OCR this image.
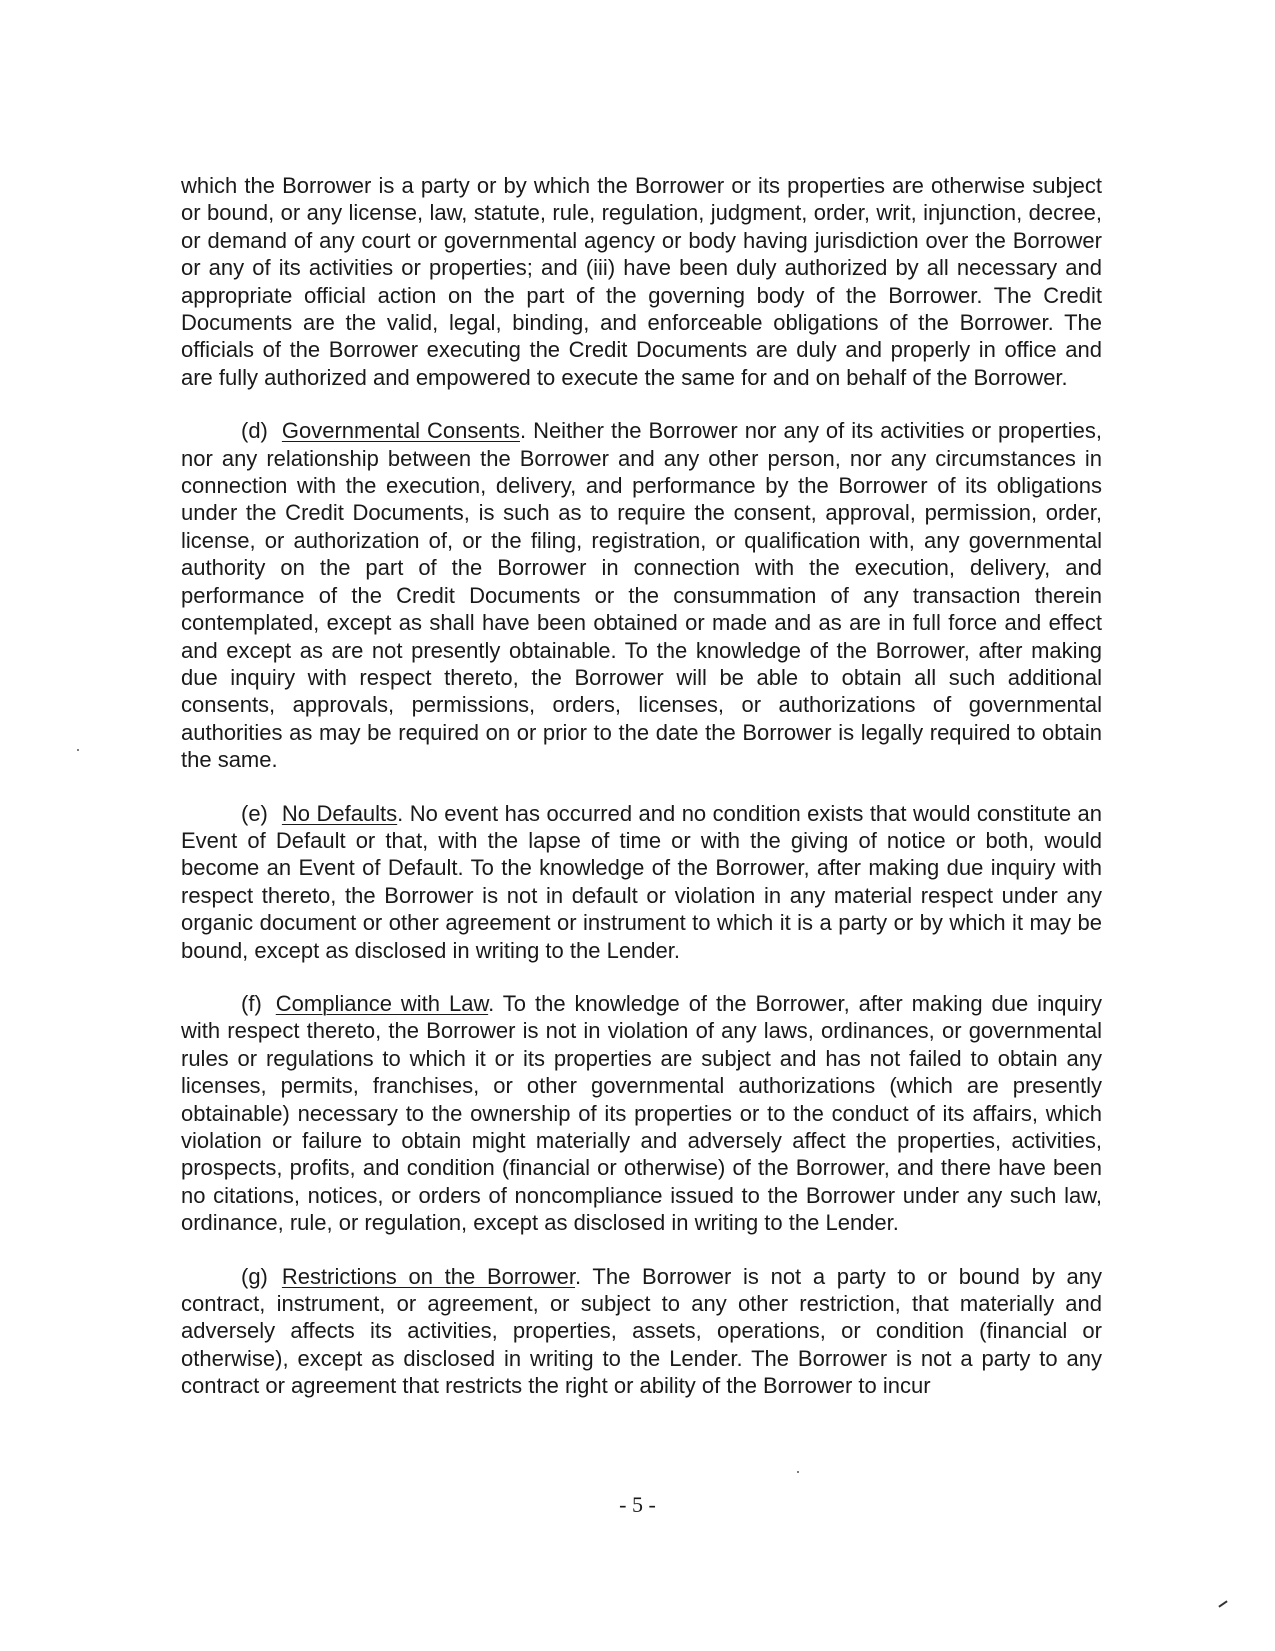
which the Borrower is a party or by which the Borrower or its properties are otherwise subject or bound, or any license, law, statute, rule, regulation, judgment, order, writ, injunction, decree, or demand of any court or governmental agency or body having jurisdiction over the Borrower or any of its activities or properties; and (iii) have been duly authorized by all necessary and appropriate official action on the part of the governing body of the Borrower. The Credit Documents are the valid, legal, binding, and enforceable obligations of the Borrower. The officials of the Borrower executing the Credit Documents are duly and properly in office and are fully authorized and empowered to execute the same for and on behalf of the Borrower.

(d) Governmental Consents. Neither the Borrower nor any of its activities or properties, nor any relationship between the Borrower and any other person, nor any circumstances in connection with the execution, delivery, and performance by the Borrower of its obligations under the Credit Documents, is such as to require the consent, approval, permission, order, license, or authorization of, or the filing, registration, or qualification with, any governmental authority on the part of the Borrower in connection with the execution, delivery, and performance of the Credit Documents or the consummation of any transaction therein contemplated, except as shall have been obtained or made and as are in full force and effect and except as are not presently obtainable. To the knowledge of the Borrower, after making due inquiry with respect thereto, the Borrower will be able to obtain all such additional consents, approvals, permissions, orders, licenses, or authorizations of governmental authorities as may be required on or prior to the date the Borrower is legally required to obtain the same.

(e) No Defaults. No event has occurred and no condition exists that would constitute an Event of Default or that, with the lapse of time or with the giving of notice or both, would become an Event of Default. To the knowledge of the Borrower, after making due inquiry with respect thereto, the Borrower is not in default or violation in any material respect under any organic document or other agreement or instrument to which it is a party or by which it may be bound, except as disclosed in writing to the Lender.

(f) Compliance with Law. To the knowledge of the Borrower, after making due inquiry with respect thereto, the Borrower is not in violation of any laws, ordinances, or governmental rules or regulations to which it or its properties are subject and has not failed to obtain any licenses, permits, franchises, or other governmental authorizations (which are presently obtainable) necessary to the ownership of its properties or to the conduct of its affairs, which violation or failure to obtain might materially and adversely affect the properties, activities, prospects, profits, and condition (financial or otherwise) of the Borrower, and there have been no citations, notices, or orders of noncompliance issued to the Borrower under any such law, ordinance, rule, or regulation, except as disclosed in writing to the Lender.

(g) Restrictions on the Borrower. The Borrower is not a party to or bound by any contract, instrument, or agreement, or subject to any other restriction, that materially and adversely affects its activities, properties, assets, operations, or condition (financial or otherwise), except as disclosed in writing to the Lender. The Borrower is not a party to any contract or agreement that restricts the right or ability of the Borrower to incur

- 5 -
